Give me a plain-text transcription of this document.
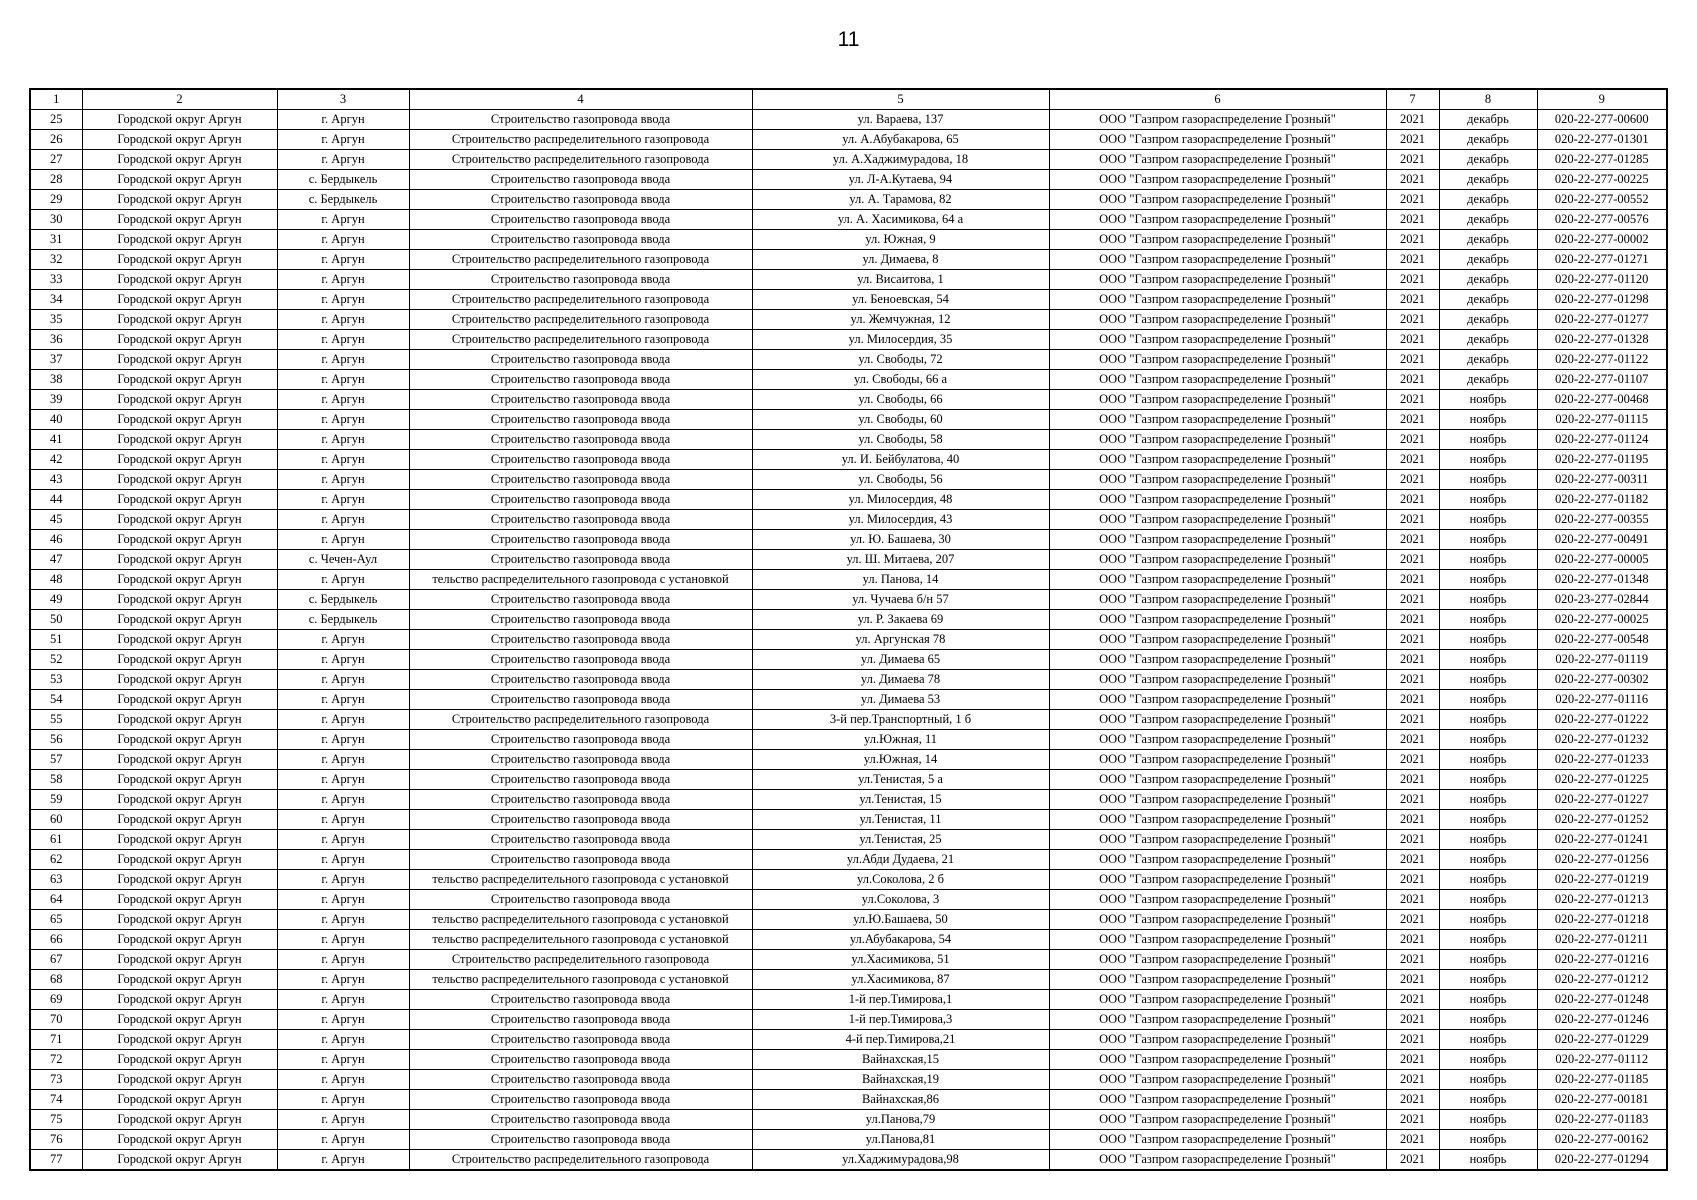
11
1	2	3	4	5	6	7	8	9
25	Городской округ Аргун	г. Аргун	Строительство газопровода ввода	ул. Вараева, 137	ООО "Газпром газораспределение Грозный"	2021	декабрь	020-22-277-00600
26	Городской округ Аргун	г. Аргун	Строительство распределительного газопровода	ул. А.Абубакарова, 65	ООО "Газпром газораспределение Грозный"	2021	декабрь	020-22-277-01301
27	Городской округ Аргун	г. Аргун	Строительство распределительного газопровода	ул. А.Хаджимурадова, 18	ООО "Газпром газораспределение Грозный"	2021	декабрь	020-22-277-01285
28	Городской округ Аргун	с. Бердыкель	Строительство газопровода ввода	ул. Л-А.Кутаева, 94	ООО "Газпром газораспределение Грозный"	2021	декабрь	020-22-277-00225
29	Городской округ Аргун	с. Бердыкель	Строительство газопровода ввода	ул. А. Тарамова, 82	ООО "Газпром газораспределение Грозный"	2021	декабрь	020-22-277-00552
30	Городской округ Аргун	г. Аргун	Строительство газопровода ввода	ул. А. Хасимикова, 64 а	ООО "Газпром газораспределение Грозный"	2021	декабрь	020-22-277-00576
31	Городской округ Аргун	г. Аргун	Строительство газопровода ввода	ул. Южная, 9	ООО "Газпром газораспределение Грозный"	2021	декабрь	020-22-277-00002
32	Городской округ Аргун	г. Аргун	Строительство распределительного газопровода	ул. Димаева, 8	ООО "Газпром газораспределение Грозный"	2021	декабрь	020-22-277-01271
33	Городской округ Аргун	г. Аргун	Строительство газопровода ввода	ул. Висаитова, 1	ООО "Газпром газораспределение Грозный"	2021	декабрь	020-22-277-01120
34	Городской округ Аргун	г. Аргун	Строительство распределительного газопровода	ул. Беноевская, 54	ООО "Газпром газораспределение Грозный"	2021	декабрь	020-22-277-01298
35	Городской округ Аргун	г. Аргун	Строительство распределительного газопровода	ул. Жемчужная, 12	ООО "Газпром газораспределение Грозный"	2021	декабрь	020-22-277-01277
36	Городской округ Аргун	г. Аргун	Строительство распределительного газопровода	ул. Милосердия, 35	ООО "Газпром газораспределение Грозный"	2021	декабрь	020-22-277-01328
37	Городской округ Аргун	г. Аргун	Строительство газопровода ввода	ул. Свободы, 72	ООО "Газпром газораспределение Грозный"	2021	декабрь	020-22-277-01122
38	Городской округ Аргун	г. Аргун	Строительство газопровода ввода	ул. Свободы, 66 а	ООО "Газпром газораспределение Грозный"	2021	декабрь	020-22-277-01107
39	Городской округ Аргун	г. Аргун	Строительство газопровода ввода	ул. Свободы, 66	ООО "Газпром газораспределение Грозный"	2021	ноябрь	020-22-277-00468
40	Городской округ Аргун	г. Аргун	Строительство газопровода ввода	ул. Свободы, 60	ООО "Газпром газораспределение Грозный"	2021	ноябрь	020-22-277-01115
41	Городской округ Аргун	г. Аргун	Строительство газопровода ввода	ул. Свободы, 58	ООО "Газпром газораспределение Грозный"	2021	ноябрь	020-22-277-01124
42	Городской округ Аргун	г. Аргун	Строительство газопровода ввода	ул. И. Бейбулатова, 40	ООО "Газпром газораспределение Грозный"	2021	ноябрь	020-22-277-01195
43	Городской округ Аргун	г. Аргун	Строительство газопровода ввода	ул. Свободы, 56	ООО "Газпром газораспределение Грозный"	2021	ноябрь	020-22-277-00311
44	Городской округ Аргун	г. Аргун	Строительство газопровода ввода	ул. Милосердия, 48	ООО "Газпром газораспределение Грозный"	2021	ноябрь	020-22-277-01182
45	Городской округ Аргун	г. Аргун	Строительство газопровода ввода	ул. Милосердия, 43	ООО "Газпром газораспределение Грозный"	2021	ноябрь	020-22-277-00355
46	Городской округ Аргун	г. Аргун	Строительство газопровода ввода	ул. Ю. Башаева, 30	ООО "Газпром газораспределение Грозный"	2021	ноябрь	020-22-277-00491
47	Городской округ Аргун	с. Чечен-Аул	Строительство газопровода ввода	ул. Ш. Митаева, 207	ООО "Газпром газораспределение Грозный"	2021	ноябрь	020-22-277-00005
48	Городской округ Аргун	г. Аргун	тельство распределительного газопровода с установкой	ул. Панова, 14	ООО "Газпром газораспределение Грозный"	2021	ноябрь	020-22-277-01348
49	Городской округ Аргун	с. Бердыкель	Строительство газопровода ввода	ул. Чучаева б/н 57	ООО "Газпром газораспределение Грозный"	2021	ноябрь	020-23-277-02844
50	Городской округ Аргун	с. Бердыкель	Строительство газопровода ввода	ул. Р. Закаева 69	ООО "Газпром газораспределение Грозный"	2021	ноябрь	020-22-277-00025
51	Городской округ Аргун	г. Аргун	Строительство газопровода ввода	ул. Аргунская 78	ООО "Газпром газораспределение Грозный"	2021	ноябрь	020-22-277-00548
52	Городской округ Аргун	г. Аргун	Строительство газопровода ввода	ул. Димаева 65	ООО "Газпром газораспределение Грозный"	2021	ноябрь	020-22-277-01119
53	Городской округ Аргун	г. Аргун	Строительство газопровода ввода	ул. Димаева 78	ООО "Газпром газораспределение Грозный"	2021	ноябрь	020-22-277-00302
54	Городской округ Аргун	г. Аргун	Строительство газопровода ввода	ул. Димаева 53	ООО "Газпром газораспределение Грозный"	2021	ноябрь	020-22-277-01116
55	Городской округ Аргун	г. Аргун	Строительство распределительного газопровода	3-й пер.Транспортный, 1 б	ООО "Газпром газораспределение Грозный"	2021	ноябрь	020-22-277-01222
56	Городской округ Аргун	г. Аргун	Строительство газопровода ввода	ул.Южная, 11	ООО "Газпром газораспределение Грозный"	2021	ноябрь	020-22-277-01232
57	Городской округ Аргун	г. Аргун	Строительство газопровода ввода	ул.Южная, 14	ООО "Газпром газораспределение Грозный"	2021	ноябрь	020-22-277-01233
58	Городской округ Аргун	г. Аргун	Строительство газопровода ввода	ул.Тенистая, 5 а	ООО "Газпром газораспределение Грозный"	2021	ноябрь	020-22-277-01225
59	Городской округ Аргун	г. Аргун	Строительство газопровода ввода	ул.Тенистая, 15	ООО "Газпром газораспределение Грозный"	2021	ноябрь	020-22-277-01227
60	Городской округ Аргун	г. Аргун	Строительство газопровода ввода	ул.Тенистая, 11	ООО "Газпром газораспределение Грозный"	2021	ноябрь	020-22-277-01252
61	Городской округ Аргун	г. Аргун	Строительство газопровода ввода	ул.Тенистая, 25	ООО "Газпром газораспределение Грозный"	2021	ноябрь	020-22-277-01241
62	Городской округ Аргун	г. Аргун	Строительство газопровода ввода	ул.Абди Дудаева, 21	ООО "Газпром газораспределение Грозный"	2021	ноябрь	020-22-277-01256
63	Городской округ Аргун	г. Аргун	тельство распределительного газопровода с установкой	ул.Соколова, 2 б	ООО "Газпром газораспределение Грозный"	2021	ноябрь	020-22-277-01219
64	Городской округ Аргун	г. Аргун	Строительство газопровода ввода	ул.Соколова, 3	ООО "Газпром газораспределение Грозный"	2021	ноябрь	020-22-277-01213
65	Городской округ Аргун	г. Аргун	тельство распределительного газопровода с установкой	ул.Ю.Башаева, 50	ООО "Газпром газораспределение Грозный"	2021	ноябрь	020-22-277-01218
66	Городской округ Аргун	г. Аргун	тельство распределительного газопровода с установкой	ул.Абубакарова, 54	ООО "Газпром газораспределение Грозный"	2021	ноябрь	020-22-277-01211
67	Городской округ Аргун	г. Аргун	Строительство распределительного газопровода	ул.Хасимикова, 51	ООО "Газпром газораспределение Грозный"	2021	ноябрь	020-22-277-01216
68	Городской округ Аргун	г. Аргун	тельство распределительного газопровода с установкой	ул.Хасимикова, 87	ООО "Газпром газораспределение Грозный"	2021	ноябрь	020-22-277-01212
69	Городской округ Аргун	г. Аргун	Строительство газопровода ввода	1-й пер.Тимирова,1	ООО "Газпром газораспределение Грозный"	2021	ноябрь	020-22-277-01248
70	Городской округ Аргун	г. Аргун	Строительство газопровода ввода	1-й пер.Тимирова,3	ООО "Газпром газораспределение Грозный"	2021	ноябрь	020-22-277-01246
71	Городской округ Аргун	г. Аргун	Строительство газопровода ввода	4-й пер.Тимирова,21	ООО "Газпром газораспределение Грозный"	2021	ноябрь	020-22-277-01229
72	Городской округ Аргун	г. Аргун	Строительство газопровода ввода	Вайнахская,15	ООО "Газпром газораспределение Грозный"	2021	ноябрь	020-22-277-01112
73	Городской округ Аргун	г. Аргун	Строительство газопровода ввода	Вайнахская,19	ООО "Газпром газораспределение Грозный"	2021	ноябрь	020-22-277-01185
74	Городской округ Аргун	г. Аргун	Строительство газопровода ввода	Вайнахская,86	ООО "Газпром газораспределение Грозный"	2021	ноябрь	020-22-277-00181
75	Городской округ Аргун	г. Аргун	Строительство газопровода ввода	ул.Панова,79	ООО "Газпром газораспределение Грозный"	2021	ноябрь	020-22-277-01183
76	Городской округ Аргун	г. Аргун	Строительство газопровода ввода	ул.Панова,81	ООО "Газпром газораспределение Грозный"	2021	ноябрь	020-22-277-00162
77	Городской округ Аргун	г. Аргун	Строительство распределительного газопровода	ул.Хаджимурадова,98	ООО "Газпром газораспределение Грозный"	2021	ноябрь	020-22-277-01294
